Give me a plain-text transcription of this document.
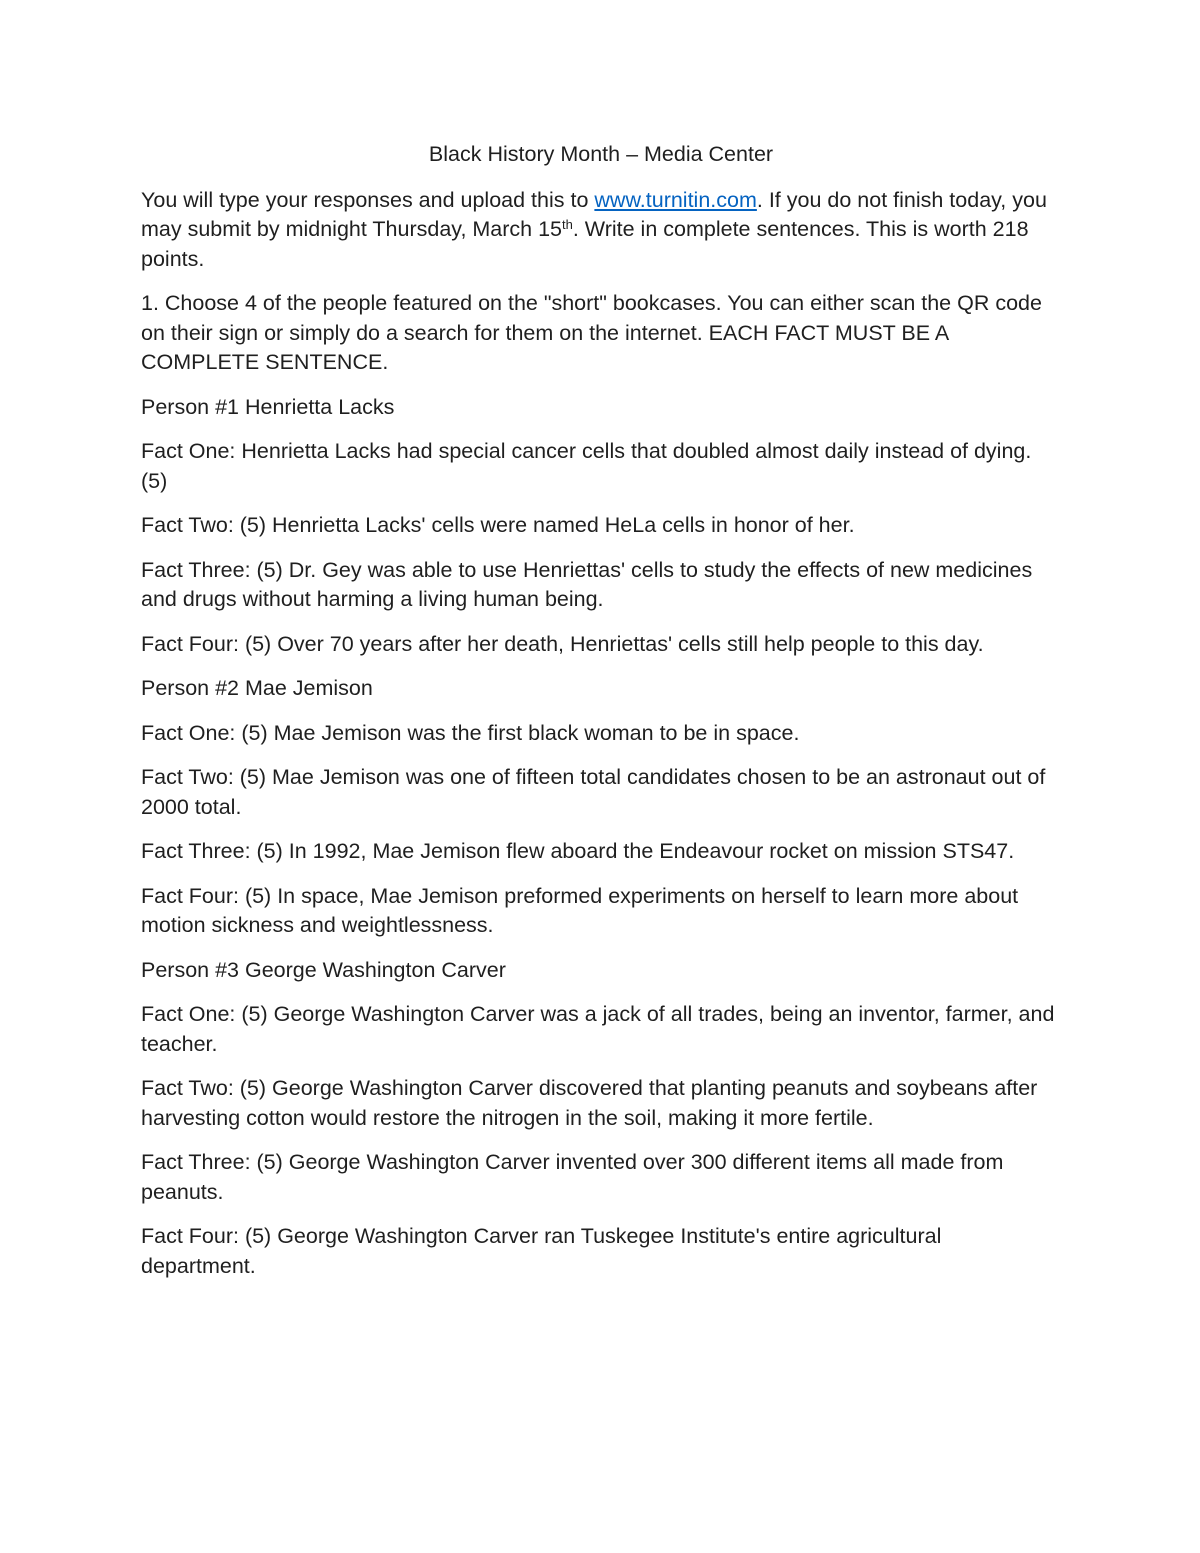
Black History Month – Media Center

You will type your responses and upload this to www.turnitin.com. If you do not finish today, you may submit by midnight Thursday, March 15th. Write in complete sentences. This is worth 218 points.

1. Choose 4 of the people featured on the "short" bookcases. You can either scan the QR code on their sign or simply do a search for them on the internet. EACH FACT MUST BE A COMPLETE SENTENCE.

Person #1 Henrietta Lacks

Fact One: Henrietta Lacks had special cancer cells that doubled almost daily instead of dying. (5)

Fact Two: (5) Henrietta Lacks' cells were named HeLa cells in honor of her.

Fact Three: (5) Dr. Gey was able to use Henriettas' cells to study the effects of new medicines and drugs without harming a living human being.

Fact Four: (5) Over 70 years after her death, Henriettas' cells still help people to this day.

Person #2 Mae Jemison

Fact One: (5) Mae Jemison was the first black woman to be in space.

Fact Two: (5) Mae Jemison was one of fifteen total candidates chosen to be an astronaut out of 2000 total.

Fact Three: (5) In 1992, Mae Jemison flew aboard the Endeavour rocket on mission STS47.

Fact Four: (5) In space, Mae Jemison preformed experiments on herself to learn more about motion sickness and weightlessness.

Person #3 George Washington Carver

Fact One: (5) George Washington Carver was a jack of all trades, being an inventor, farmer, and teacher.

Fact Two: (5) George Washington Carver discovered that planting peanuts and soybeans after harvesting cotton would restore the nitrogen in the soil, making it more fertile.

Fact Three: (5) George Washington Carver invented over 300 different items all made from peanuts.

Fact Four: (5) George Washington Carver ran Tuskegee Institute's entire agricultural department.
